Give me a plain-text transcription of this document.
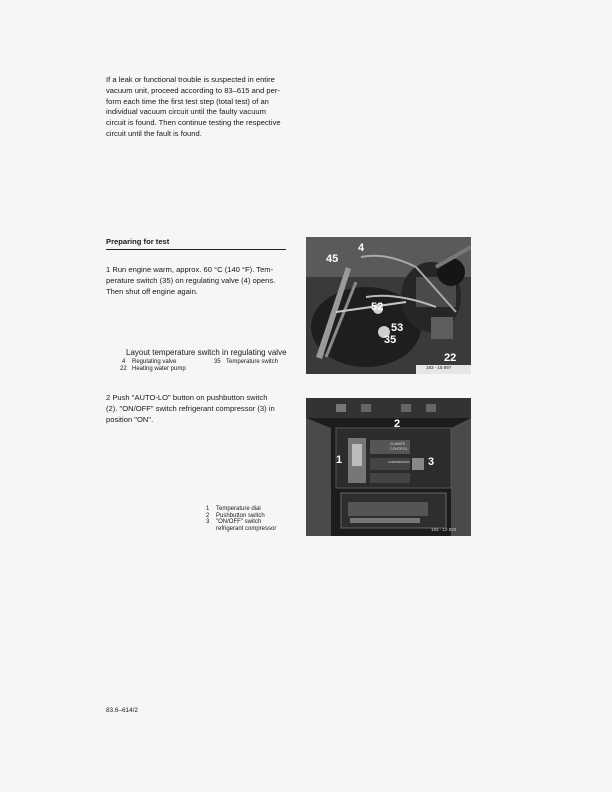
If a leak or functional trouble is suspected in entire
vacuum unit, proceed according to 83–615 and per-
form each time the first test step (total test) of an
individual vacuum circuit until the faulty vacuum
circuit is found. Then continue testing the respective
circuit until the fault is found.
Preparing for test
1 Run engine warm, approx. 60 °C (140 °F). Tem-
perature switch (35) on regulating valve (4) opens.
Then shut off engine again.
4
45
52
53
35
22
183 - 15 897
Layout temperature switch in regulating valve
4 Regulating valve
22 Heating water pump
35 Temperature switch
2 Push "AUTO-LO" button on pushbutton switch
(2). "ON/OFF" switch refrigerant compressor (3) in
position "ON".
CLIMATE
CONTROL
COMPRESSOR
1
2
3
183 - 12 920
1 Temperature dial
2 Pushbutton switch
3 "ON/OFF" switch
refrigerant compressor
83.6–614/2
